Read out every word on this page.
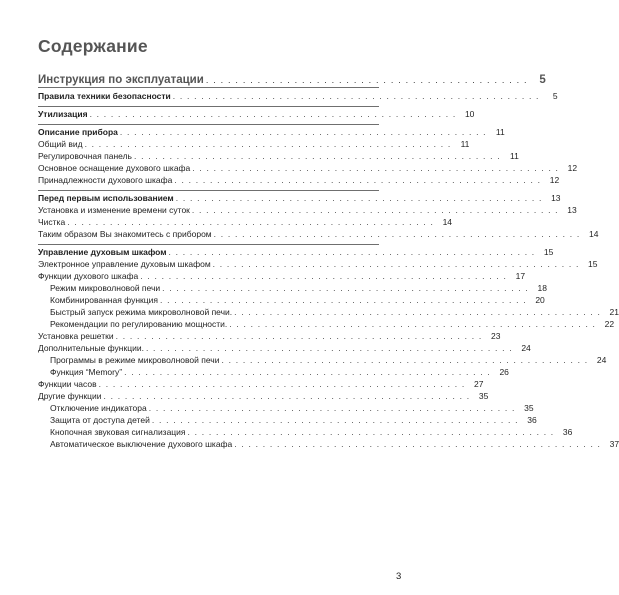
Содержание
Инструкция по эксплуатации . . . . . . . . . . . . . . . . . . . . . . . . . . . . . . . . . . . . . . . . . . . .	5
Правила техники безопасности . . . . . . . . . . . . . . . . . . . . . . . . . . . . . . . . . . . . . . . . . . . . . . . . . . . .	5
Утилизация . . . . . . . . . . . . . . . . . . . . . . . . . . . . . . . . . . . . . . . . . . . . . . . . . . . .	10
Описание прибора . . . . . . . . . . . . . . . . . . . . . . . . . . . . . . . . . . . . . . . . . . . . . . . . . . . .	11
Общий вид . . . . . . . . . . . . . . . . . . . . . . . . . . . . . . . . . . . . . . . . . . . . . . . . . . . .	11
Регулировочная панель . . . . . . . . . . . . . . . . . . . . . . . . . . . . . . . . . . . . . . . . . . . . . . . . . . . .	11
Основное оснащение духового шкафа . . . . . . . . . . . . . . . . . . . . . . . . . . . . . . . . . . . . . . . . . . . . . . . . . . . .	12
Принадлежности духового шкафа . . . . . . . . . . . . . . . . . . . . . . . . . . . . . . . . . . . . . . . . . . . . . . . . . . . .	12
Перед первым использованием . . . . . . . . . . . . . . . . . . . . . . . . . . . . . . . . . . . . . . . . . . . . . . . . . . . .	13
Установка и изменение времени суток . . . . . . . . . . . . . . . . . . . . . . . . . . . . . . . . . . . . . . . . . . . . . . . . . . . .	13
Чистка . . . . . . . . . . . . . . . . . . . . . . . . . . . . . . . . . . . . . . . . . . . . . . . . . . . .	14
Таким образом Вы знакомитесь с прибором . . . . . . . . . . . . . . . . . . . . . . . . . . . . . . . . . . . . . . . . . . . . . . . . . . . .	14
Управление духовым шкафом . . . . . . . . . . . . . . . . . . . . . . . . . . . . . . . . . . . . . . . . . . . . . . . . . . . .	15
Электронное управление духовым шкафом . . . . . . . . . . . . . . . . . . . . . . . . . . . . . . . . . . . . . . . . . . . . . . . . . . . .	15
Функции духового шкафа . . . . . . . . . . . . . . . . . . . . . . . . . . . . . . . . . . . . . . . . . . . . . . . . . . . .	17
Режим микроволновой печи . . . . . . . . . . . . . . . . . . . . . . . . . . . . . . . . . . . . . . . . . . . . . . . . . . . .	18
Комбинированная функция . . . . . . . . . . . . . . . . . . . . . . . . . . . . . . . . . . . . . . . . . . . . . . . . . . . .	20
Быстрый запуск режима микроволновой печи. . . . . . . . . . . . . . . . . . . . . . . . . . . . . . . . . . . . . . . . . . . . . . . . . . . . .	21
Рекомендации по регулированию мощности. . . . . . . . . . . . . . . . . . . . . . . . . . . . . . . . . . . . . . . . . . . . . . . . . . . . .	22
Установка решетки . . . . . . . . . . . . . . . . . . . . . . . . . . . . . . . . . . . . . . . . . . . . . . . . . . . .	23
Дополнительные функции. . . . . . . . . . . . . . . . . . . . . . . . . . . . . . . . . . . . . . . . . . . . . . . . . . . . .	24
Программы в режиме микроволновой печи . . . . . . . . . . . . . . . . . . . . . . . . . . . . . . . . . . . . . . . . . . . . . . . . . . . .	24
Функция “Memory” . . . . . . . . . . . . . . . . . . . . . . . . . . . . . . . . . . . . . . . . . . . . . . . . . . . .	26
Функции часов . . . . . . . . . . . . . . . . . . . . . . . . . . . . . . . . . . . . . . . . . . . . . . . . . . . .	27
Другие функции . . . . . . . . . . . . . . . . . . . . . . . . . . . . . . . . . . . . . . . . . . . . . . . . . . . .	35
Отключение индикатора . . . . . . . . . . . . . . . . . . . . . . . . . . . . . . . . . . . . . . . . . . . . . . . . . . . .	35
Защита от доступа детей . . . . . . . . . . . . . . . . . . . . . . . . . . . . . . . . . . . . . . . . . . . . . . . . . . . .	36
Кнопочная звуковая сигнализация . . . . . . . . . . . . . . . . . . . . . . . . . . . . . . . . . . . . . . . . . . . . . . . . . . . .	36
Автоматическое выключение духового шкафа . . . . . . . . . . . . . . . . . . . . . . . . . . . . . . . . . . . . . . . . . . . . . . . . . . . .	37
3
